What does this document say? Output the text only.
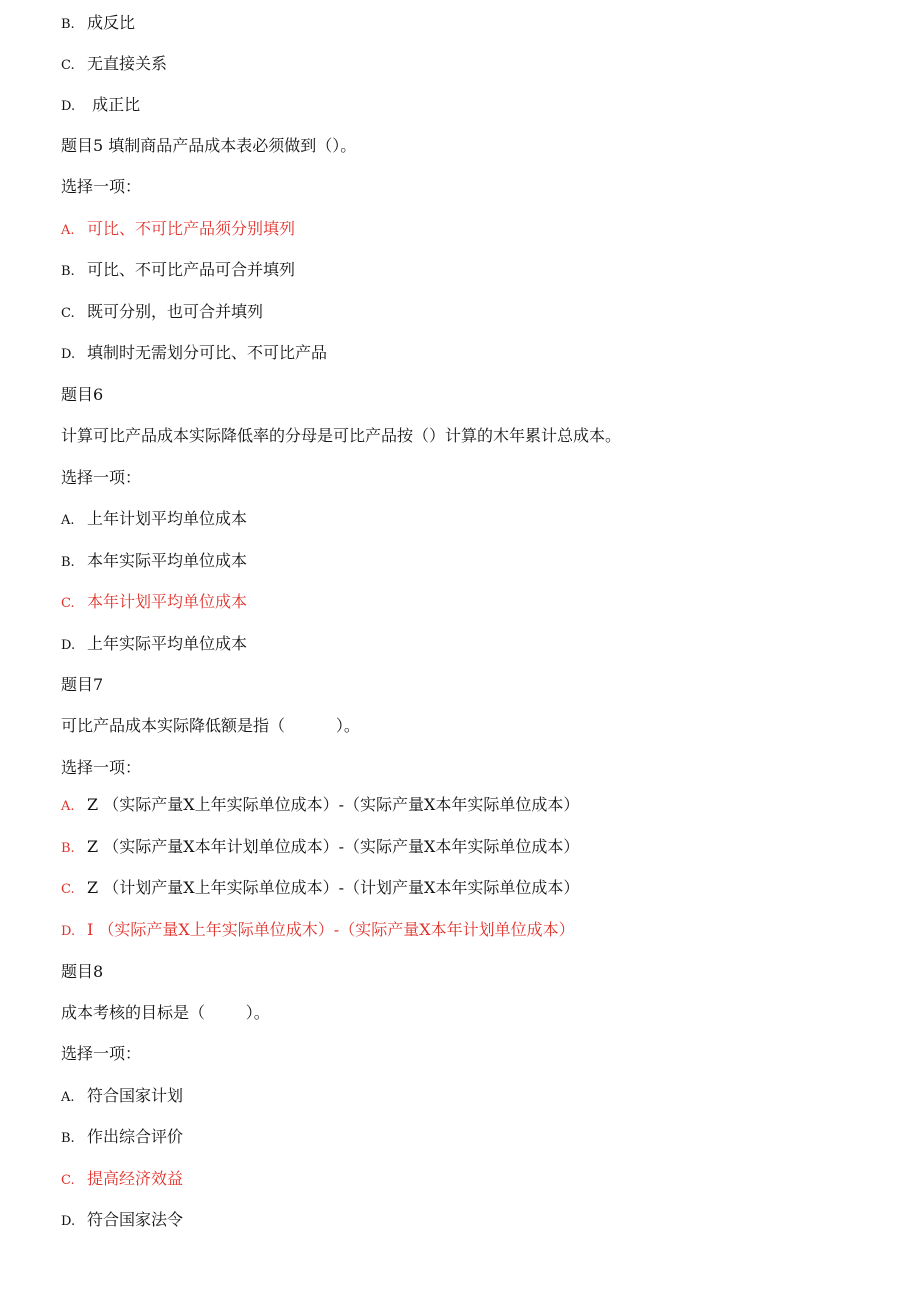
B. 成反比
C. 无直接关系
D. 成正比
题目5 填制商品产品成本表必须做到（）。
选择一项：
A. 可比、不可比产品须分别填列
B. 可比、不可比产品可合并填列
C. 既可分别，也可合并填列
D. 填制时无需划分可比、不可比产品
题目6
计算可比产品成本实际降低率的分母是可比产品按（）计算的木年累计总成本。
选择一项：
A. 上年计划平均单位成本
B. 本年实际平均单位成本
C. 本年计划平均单位成本
D. 上年实际平均单位成本
题目7
可比产品成本实际降低额是指（          ）。
选择一项：
A. Z （实际产量X上年实际单位成本）-（实际产量X本年实际单位成本）
B. Z （实际产量X本年计划单位成本）-（实际产量X本年实际单位成本）
C. Z （计划产量X上年实际单位成本）-（计划产量X本年实际单位成本）
D. I （实际产量X上年实际单位成木）-（实际产量X本年计划单位成本）
题目8
成本考核的目标是（        ）。
选择一项：
A. 符合国家计划
B. 作出综合评价
C. 提高经济效益
D. 符合国家法令
